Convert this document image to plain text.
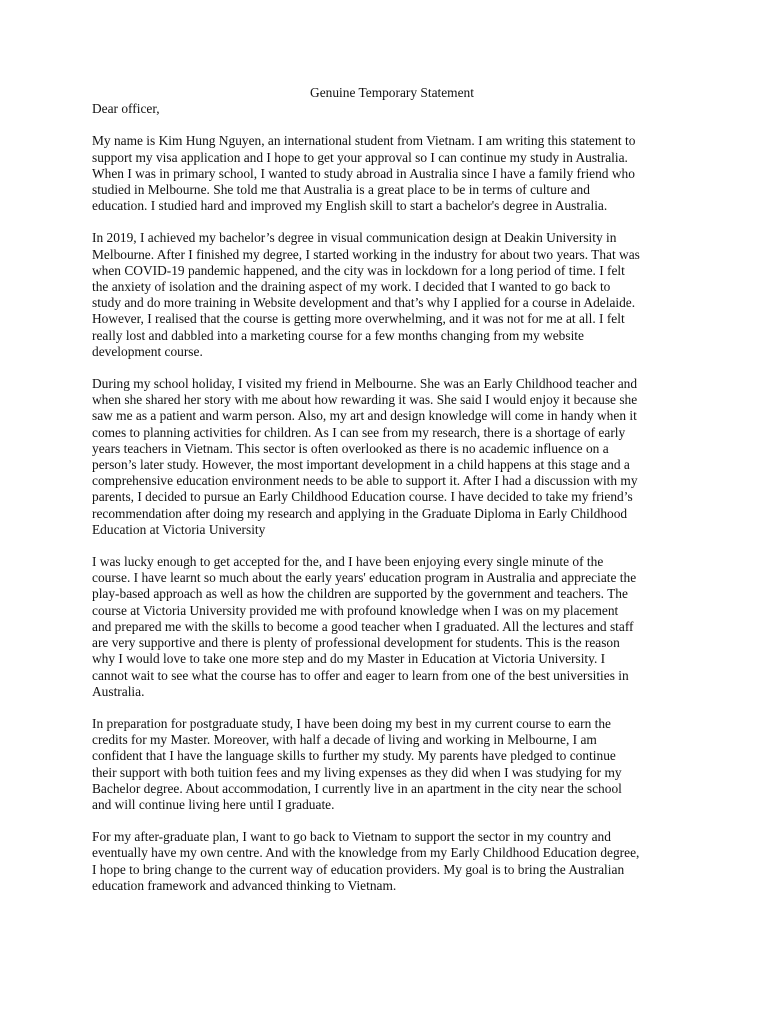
Genuine Temporary Statement
Dear officer,
My name is Kim Hung Nguyen, an international student from Vietnam. I am writing this statement to
support my visa application and I hope to get your approval so I can continue my study in Australia.
When I was in primary school, I wanted to study abroad in Australia since I have a family friend who
studied in Melbourne. She told me that Australia is a great place to be in terms of culture and
education. I studied hard and improved my English skill to start a bachelor's degree in Australia.
In 2019, I achieved my bachelor’s degree in visual communication design at Deakin University in
Melbourne. After I finished my degree, I started working in the industry for about two years. That was
when COVID-19 pandemic happened, and the city was in lockdown for a long period of time. I felt
the anxiety of isolation and the draining aspect of my work. I decided that I wanted to go back to
study and do more training in Website development and that’s why I applied for a course in Adelaide.
However, I realised that the course is getting more overwhelming, and it was not for me at all. I felt
really lost and dabbled into a marketing course for a few months changing from my website
development course.
During my school holiday, I visited my friend in Melbourne. She was an Early Childhood teacher and
when she shared her story with me about how rewarding it was. She said I would enjoy it because she
saw me as a patient and warm person. Also, my art and design knowledge will come in handy when it
comes to planning activities for children. As I can see from my research, there is a shortage of early
years teachers in Vietnam. This sector is often overlooked as there is no academic influence on a
person’s later study. However, the most important development in a child happens at this stage and a
comprehensive education environment needs to be able to support it. After I had a discussion with my
parents, I decided to pursue an Early Childhood Education course. I have decided to take my friend’s
recommendation after doing my research and applying in the Graduate Diploma in Early Childhood
Education at Victoria University
I was lucky enough to get accepted for the, and I have been enjoying every single minute of the
course. I have learnt so much about the early years' education program in Australia and appreciate the
play-based approach as well as how the children are supported by the government and teachers. The
course at Victoria University provided me with profound knowledge when I was on my placement
and prepared me with the skills to become a good teacher when I graduated. All the lectures and staff
are very supportive and there is plenty of professional development for students. This is the reason
why I would love to take one more step and do my Master in Education at Victoria University. I
cannot wait to see what the course has to offer and eager to learn from one of the best universities in
Australia.
In preparation for postgraduate study, I have been doing my best in my current course to earn the
credits for my Master. Moreover, with half a decade of living and working in Melbourne, I am
confident that I have the language skills to further my study. My parents have pledged to continue
their support with both tuition fees and my living expenses as they did when I was studying for my
Bachelor degree. About accommodation, I currently live in an apartment in the city near the school
and will continue living here until I graduate.
For my after-graduate plan, I want to go back to Vietnam to support the sector in my country and
eventually have my own centre. And with the knowledge from my Early Childhood Education degree,
I hope to bring change to the current way of education providers. My goal is to bring the Australian
education framework and advanced thinking to Vietnam.
